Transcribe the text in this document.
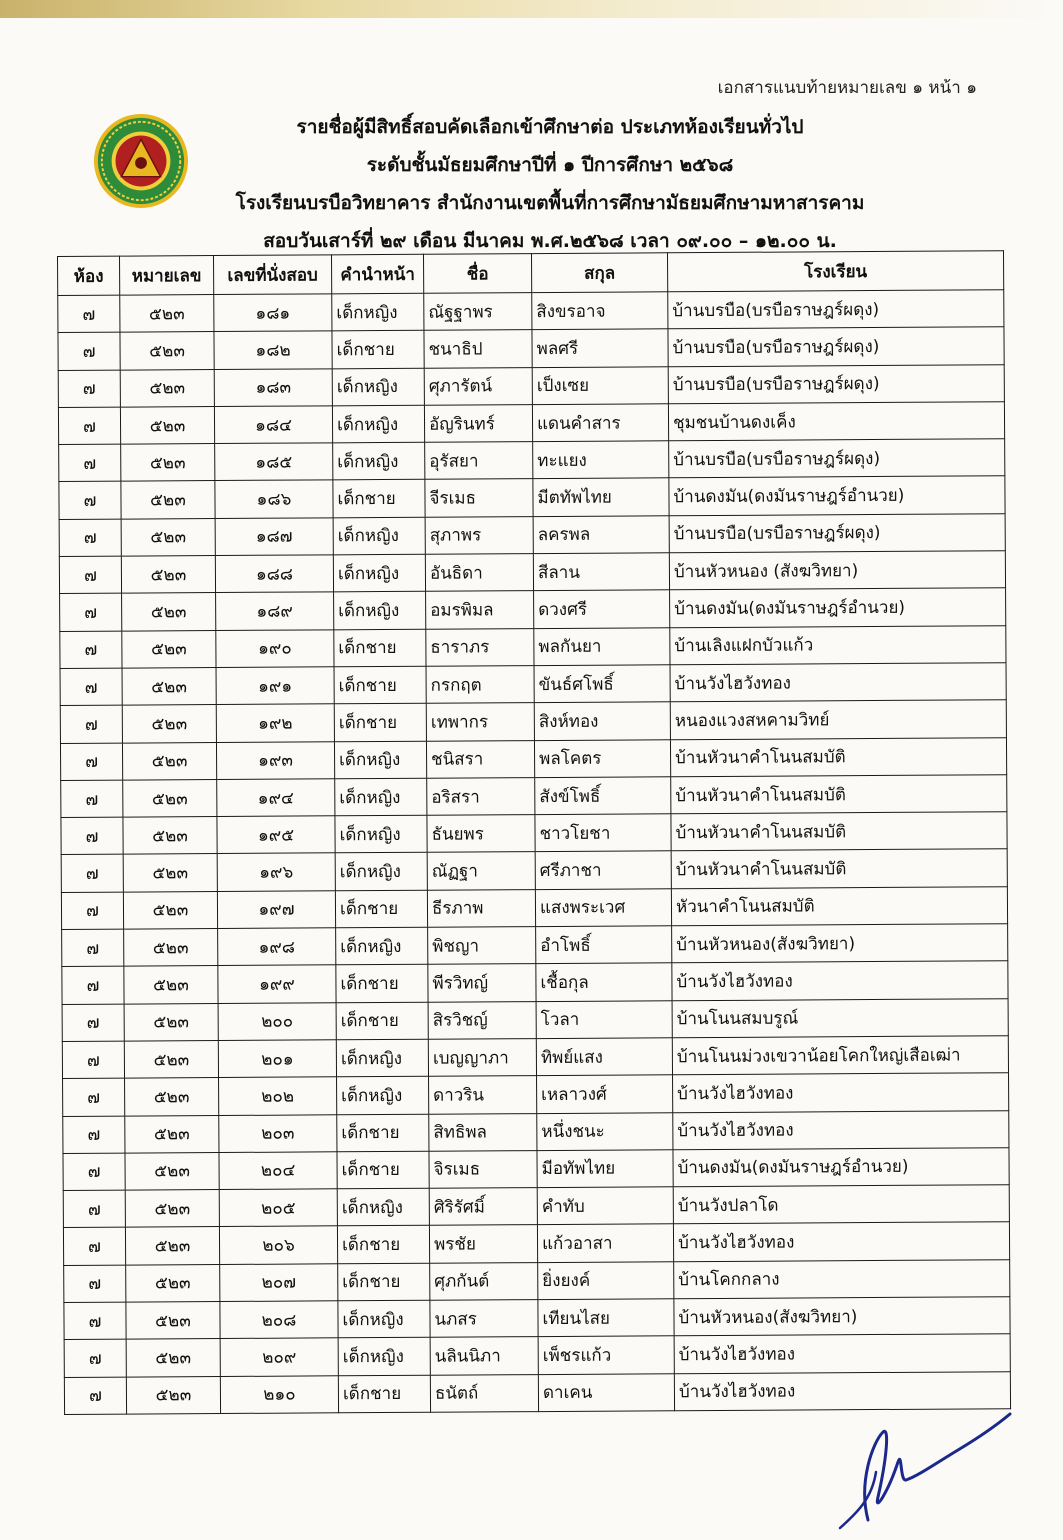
เอกสารแนบท้ายหมายเลข ๑ หน้า ๑
รายชื่อผู้มีสิทธิ์สอบคัดเลือกเข้าศึกษาต่อ ประเภทห้องเรียนทั่วไป
ระดับชั้นมัธยมศึกษาปีที่ ๑ ปีการศึกษา ๒๕๖๘
โรงเรียนบรบือวิทยาคาร สำนักงานเขตพื้นที่การศึกษามัธยมศึกษามหาสารคาม
สอบวันเสาร์ที่ ๒๙ เดือน มีนาคม พ.ศ.๒๕๖๘ เวลา ๐๙.๐๐ – ๑๒.๐๐ น.
ห้อง	หมายเลข	เลขที่นั่งสอบ	คำนำหน้า	ชื่อ	สกุล	โรงเรียน
๗	๕๒๓	๑๘๑	เด็กหญิง	ณัฐฐาพร	สิงขรอาจ	บ้านบรบือ(บรบือราษฎร์ผดุง)
๗	๕๒๓	๑๘๒	เด็กชาย	ชนาธิป	พลศรี	บ้านบรบือ(บรบือราษฎร์ผดุง)
๗	๕๒๓	๑๘๓	เด็กหญิง	ศุภารัตน์	เป็งเซย	บ้านบรบือ(บรบือราษฎร์ผดุง)
๗	๕๒๓	๑๘๔	เด็กหญิง	อัญรินทร์	แดนคำสาร	ชุมชนบ้านดงเค็ง
๗	๕๒๓	๑๘๕	เด็กหญิง	อุรัสยา	ทะแยง	บ้านบรบือ(บรบือราษฎร์ผดุง)
๗	๕๒๓	๑๘๖	เด็กชาย	จีรเมธ	มีตทัพไทย	บ้านดงมัน(ดงมันราษฎร์อำนวย)
๗	๕๒๓	๑๘๗	เด็กหญิง	สุภาพร	ลครพล	บ้านบรบือ(บรบือราษฎร์ผดุง)
๗	๕๒๓	๑๘๘	เด็กหญิง	อันธิดา	สีลาน	บ้านหัวหนอง (สังฆวิทยา)
๗	๕๒๓	๑๘๙	เด็กหญิง	อมรพิมล	ดวงศรี	บ้านดงมัน(ดงมันราษฎร์อำนวย)
๗	๕๒๓	๑๙๐	เด็กชาย	ธาราภร	พลกันยา	บ้านเลิงแฝกบัวแก้ว
๗	๕๒๓	๑๙๑	เด็กชาย	กรกฤต	ขันธ์ศโพธิ์	บ้านวังไฮวังทอง
๗	๕๒๓	๑๙๒	เด็กชาย	เทพากร	สิงห์ทอง	หนองแวงสหคามวิทย์
๗	๕๒๓	๑๙๓	เด็กหญิง	ชนิสรา	พลโคตร	บ้านหัวนาคำโนนสมบัติ
๗	๕๒๓	๑๙๔	เด็กหญิง	อริสรา	สังข์โพธิ์	บ้านหัวนาคำโนนสมบัติ
๗	๕๒๓	๑๙๕	เด็กหญิง	ธันยพร	ชาวโยชา	บ้านหัวนาคำโนนสมบัติ
๗	๕๒๓	๑๙๖	เด็กหญิง	ณัฏฐา	ศรีภาชา	บ้านหัวนาคำโนนสมบัติ
๗	๕๒๓	๑๙๗	เด็กชาย	ธีรภาพ	แสงพระเวศ	หัวนาคำโนนสมบัติ
๗	๕๒๓	๑๙๘	เด็กหญิง	พิชญา	อำโพธิ์	บ้านหัวหนอง(สังฆวิทยา)
๗	๕๒๓	๑๙๙	เด็กชาย	พีรวิทญ์	เชื้อกุล	บ้านวังไฮวังทอง
๗	๕๒๓	๒๐๐	เด็กชาย	สิรวิชญ์	โวลา	บ้านโนนสมบรูณ์
๗	๕๒๓	๒๐๑	เด็กหญิง	เบญญาภา	ทิพย์แสง	บ้านโนนม่วงเขวาน้อยโคกใหญ่เสือเฒ่า
๗	๕๒๓	๒๐๒	เด็กหญิง	ดาวริน	เหลาวงศ์	บ้านวังไฮวังทอง
๗	๕๒๓	๒๐๓	เด็กชาย	สิทธิพล	หนึ่งชนะ	บ้านวังไฮวังทอง
๗	๕๒๓	๒๐๔	เด็กชาย	จิรเมธ	มีอทัพไทย	บ้านดงมัน(ดงมันราษฎร์อำนวย)
๗	๕๒๓	๒๐๕	เด็กหญิง	ศิริรัศมิ์	คำทับ	บ้านวังปลาโด
๗	๕๒๓	๒๐๖	เด็กชาย	พรชัย	แก้วอาสา	บ้านวังไฮวังทอง
๗	๕๒๓	๒๐๗	เด็กชาย	ศุภกันต์	ยิ่งยงค์	บ้านโคกกลาง
๗	๕๒๓	๒๐๘	เด็กหญิง	นภสร	เทียนไสย	บ้านหัวหนอง(สังฆวิทยา)
๗	๕๒๓	๒๐๙	เด็กหญิง	นลินนิภา	เพ็ชรแก้ว	บ้านวังไฮวังทอง
๗	๕๒๓	๒๑๐	เด็กชาย	ธนัตถ์	ดาเคน	บ้านวังไฮวังทอง
